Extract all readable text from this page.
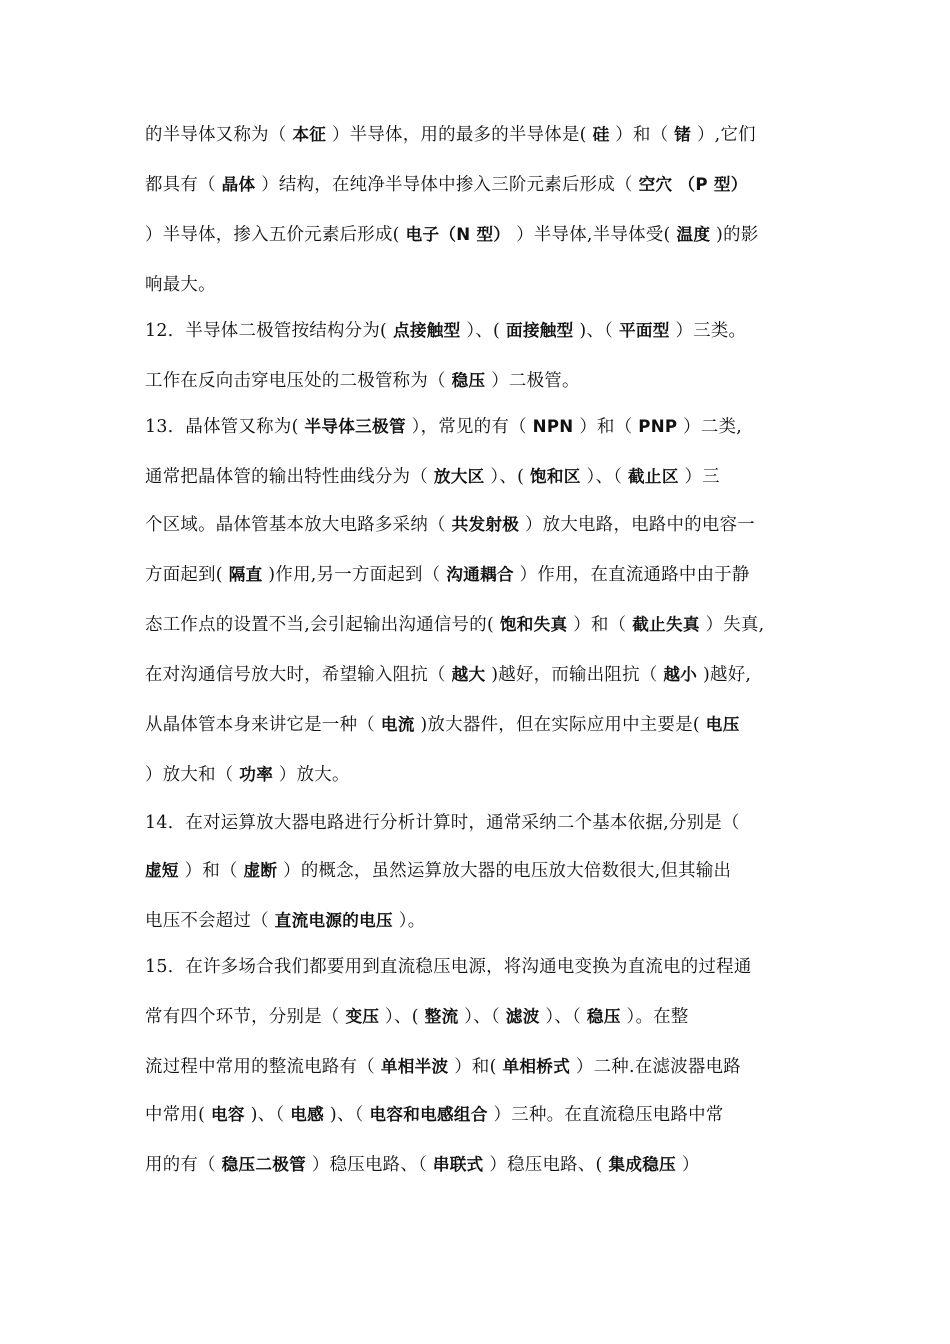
的半导体又称为（ 本征 ）半导体，用的最多的半导体是( 硅 ）和（ 锗 ）,它们
都具有（ 晶体 ）结构，在纯净半导体中掺入三阶元素后形成（ 空穴 （P 型）
）半导体，掺入五价元素后形成( 电子（N 型） ）半导体,半导体受( 温度 )的影
响最大。
12．半导体二极管按结构分为( 点接触型 ）、( 面接触型 )、（ 平面型 ）三类。
工作在反向击穿电压处的二极管称为（ 稳压 ）二极管。
13．晶体管又称为( 半导体三极管 ），常见的有（ NPN ）和（ PNP ）二类,
通常把晶体管的输出特性曲线分为（ 放大区 ）、( 饱和区 ）、（ 截止区 ）三
个区域。晶体管基本放大电路多采纳（ 共发射极 ）放大电路，电路中的电容一
方面起到( 隔直 )作用,另一方面起到（ 沟通耦合 ）作用，在直流通路中由于静
态工作点的设置不当,会引起输出沟通信号的( 饱和失真 ）和（ 截止失真 ）失真,
在对沟通信号放大时，希望输入阻抗（ 越大 )越好，而输出阻抗（ 越小 )越好,
从晶体管本身来讲它是一种（ 电流 )放大器件，但在实际应用中主要是( 电压
）放大和（ 功率 ）放大。
14．在对运算放大器电路进行分析计算时，通常采纳二个基本依据,分别是（
虚短 ）和（ 虚断 ）的概念，虽然运算放大器的电压放大倍数很大,但其输出
电压不会超过（ 直流电源的电压 ）。
15．在许多场合我们都要用到直流稳压电源，将沟通电变换为直流电的过程通
常有四个环节，分别是（ 变压 ）、( 整流 ）、（ 滤波 ）、（ 稳压 ）。在整
流过程中常用的整流电路有（ 单相半波 ）和( 单相桥式 ）二种.在滤波器电路
中常用( 电容 )、（ 电感 )、（ 电容和电感组合 ）三种。在直流稳压电路中常
用的有（ 稳压二极管 ）稳压电路、（ 串联式 ）稳压电路、( 集成稳压 ）
